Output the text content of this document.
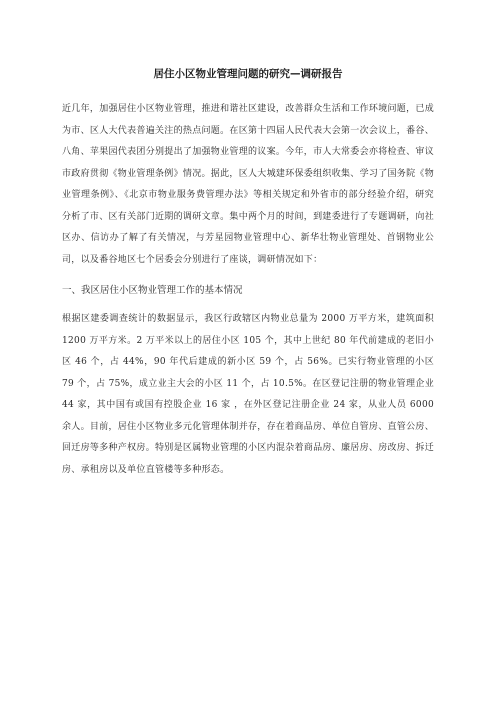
居住小区物业管理问题的研究—调研报告

近几年，加强居住小区物业管理，推进和谐社区建设，改善群众生活和工作环境问题，已成为市、区人大代表普遍关注的热点问题。在区第十四届人民代表大会第一次会议上，番谷、八角、苹果园代表团分别提出了加强物业管理的议案。今年，市人大常委会亦将检查、审议市政府贯彻《物业管理条例》情况。据此，区人大城建环保委组织收集、学习了国务院《物业管理条例》、《北京市物业服务费管理办法》等相关规定和外省市的部分经验介绍，研究分析了市、区有关部门近期的调研文章。集中两个月的时间，到建委进行了专题调研，向社区办、信访办了解了有关情况，与芳星园物业管理中心、新华壮物业管理处、首钢物业公司，以及番谷地区七个居委会分别进行了座谈，调研情况如下：

一、我区居住小区物业管理工作的基本情况

根据区建委调查统计的数据显示，我区行政辖区内物业总量为 2000 万平方米，建筑面积 1200 万平方米。2 万平米以上的居住小区 105 个，其中上世纪 80 年代前建成的老旧小区 46 个，占 44%，90 年代后建成的新小区 59 个，占 56%。已实行物业管理的小区 79 个，占 75%，成立业主大会的小区 11 个，占 10.5%。在区登记注册的物业管理企业 44 家，其中国有或国有控股企业 16 家 ，在外区登记注册企业 24 家，从业人员 6000 余人。目前，居住小区物业多元化管理体制并存，存在着商品房、单位自管房、直管公房、回迁房等多种产权房。特别是区属物业管理的小区内混杂着商品房、廉居房、房改房、拆迁房、承租房以及单位直管楼等多种形态。
